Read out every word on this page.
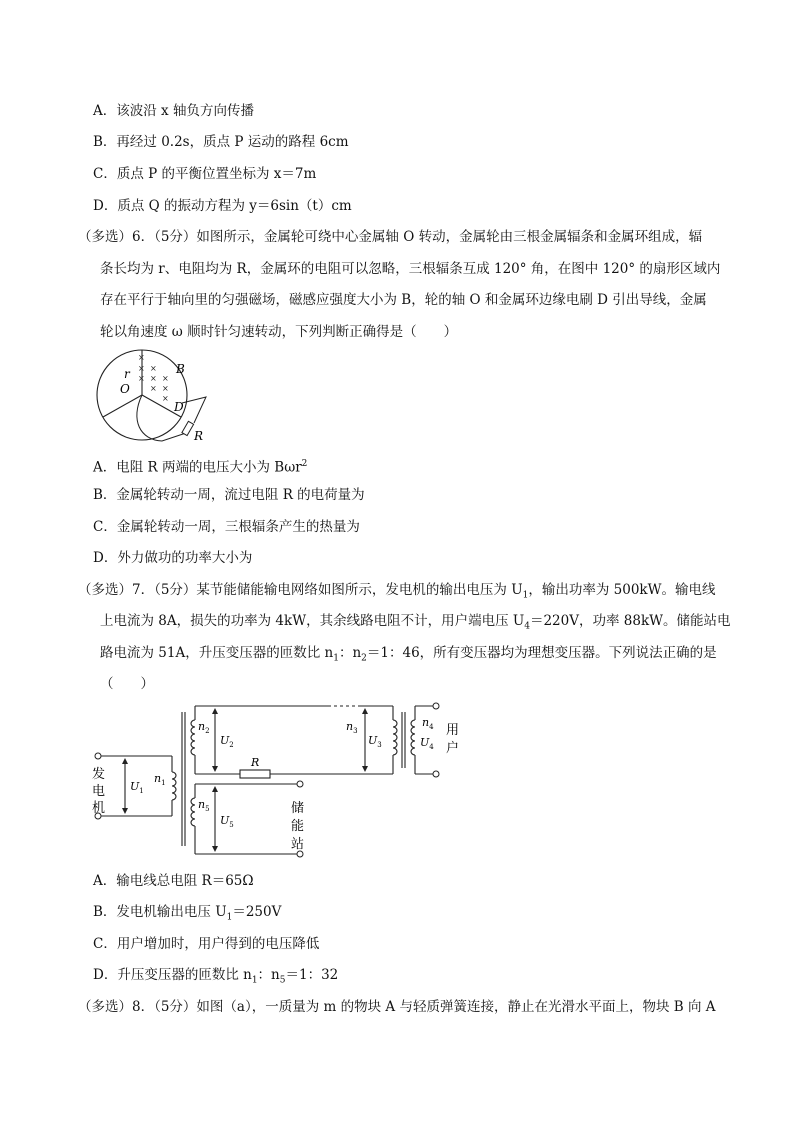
A．该波沿 x 轴负方向传播
B．再经过 0.2s，质点 P 运动的路程 6cm
C．质点 P 的平衡位置坐标为 x＝7m
D．质点 Q 的振动方程为 y＝6sin（t）cm
（多选）6．（5分）如图所示，金属轮可绕中心金属轴 O 转动，金属轮由三根金属辐条和金属环组成，辐
条长均为 r、电阻均为 R，金属环的电阻可以忽略，三根辐条互成 120° 角，在图中 120° 的扇形区域内
存在平行于轴向里的匀强磁场，磁感应强度大小为 B，轮的轴 O 和金属环边缘电刷 D 引出导线，金属
轮以角速度 ω 顺时针匀速转动，下列判断正确得是（　　）
×
× ×
× × ×
× ×
×
r
O
B
D
R
A．电阻 R 两端的电压大小为 Bωr$^2$
B．金属轮转动一周，流过电阻 R 的电荷量为
C．金属轮转动一周，三根辐条产生的热量为
D．外力做功的功率大小为
（多选）7．（5分）某节能储能输电网络如图所示，发电机的输出电压为 $U_1$，输出功率为 500kW。输电线
上电流为 8A，损失的功率为 4kW，其余线路电阻不计，用户端电压 $U_4=220V$，功率 88kW。储能站电
路电流为 51A，升压变压器的匝数比 $n_1$：$n_2=1$：46，所有变压器均为理想变压器。下列说法正确的是
（　　）
发
电
机
用
户
储
能
站
$U_1$
$n_1$
$n_2$
$U_2$
R
$n_3$
$U_3$
$n_4$
$U_4$
$n_5$
$U_5$
A．输电线总电阻 R＝65Ω
B．发电机输出电压 $U_1=250V$
C．用户增加时，用户得到的电压降低
D．升压变压器的匝数比 $n_1$：$n_5=1$：32
（多选）8．（5分）如图（a），一质量为 m 的物块 A 与轻质弹簧连接，静止在光滑水平面上，物块 B 向 A
